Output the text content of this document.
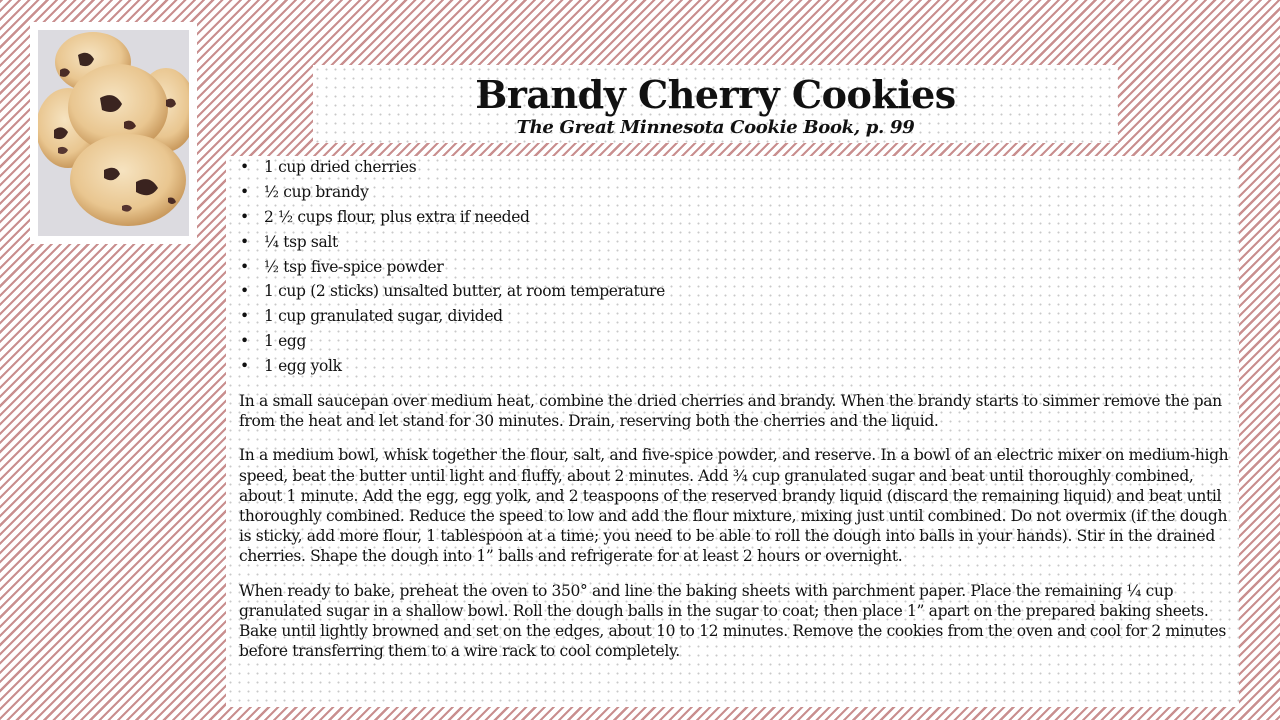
Brandy Cherry Cookies
The Great Minnesota Cookie Book, p. 99
• 1 cup dried cherries
• ½ cup brandy
• 2 ½ cups flour, plus extra if needed
• ¼ tsp salt
• ½ tsp five-spice powder
• 1 cup (2 sticks) unsalted butter, at room temperature
• 1 cup granulated sugar, divided
• 1 egg
• 1 egg yolk

In a small saucepan over medium heat, combine the dried cherries and brandy. When the brandy starts to simmer remove the pan from the heat and let stand for 30 minutes. Drain, reserving both the cherries and the liquid.

In a medium bowl, whisk together the flour, salt, and five-spice powder, and reserve. In a bowl of an electric mixer on medium-high speed, beat the butter until light and fluffy, about 2 minutes. Add ¾ cup granulated sugar and beat until thoroughly combined, about 1 minute. Add the egg, egg yolk, and 2 teaspoons of the reserved brandy liquid (discard the remaining liquid) and beat until thoroughly combined. Reduce the speed to low and add the flour mixture, mixing just until combined. Do not overmix (if the dough is sticky, add more flour, 1 tablespoon at a time; you need to be able to roll the dough into balls in your hands). Stir in the drained cherries. Shape the dough into 1” balls and refrigerate for at least 2 hours or overnight.

When ready to bake, preheat the oven to 350° and line the baking sheets with parchment paper. Place the remaining ¼ cup granulated sugar in a shallow bowl. Roll the dough balls in the sugar to coat; then place 1” apart on the prepared baking sheets. Bake until lightly browned and set on the edges, about 10 to 12 minutes. Remove the cookies from the oven and cool for 2 minutes before transferring them to a wire rack to cool completely.
